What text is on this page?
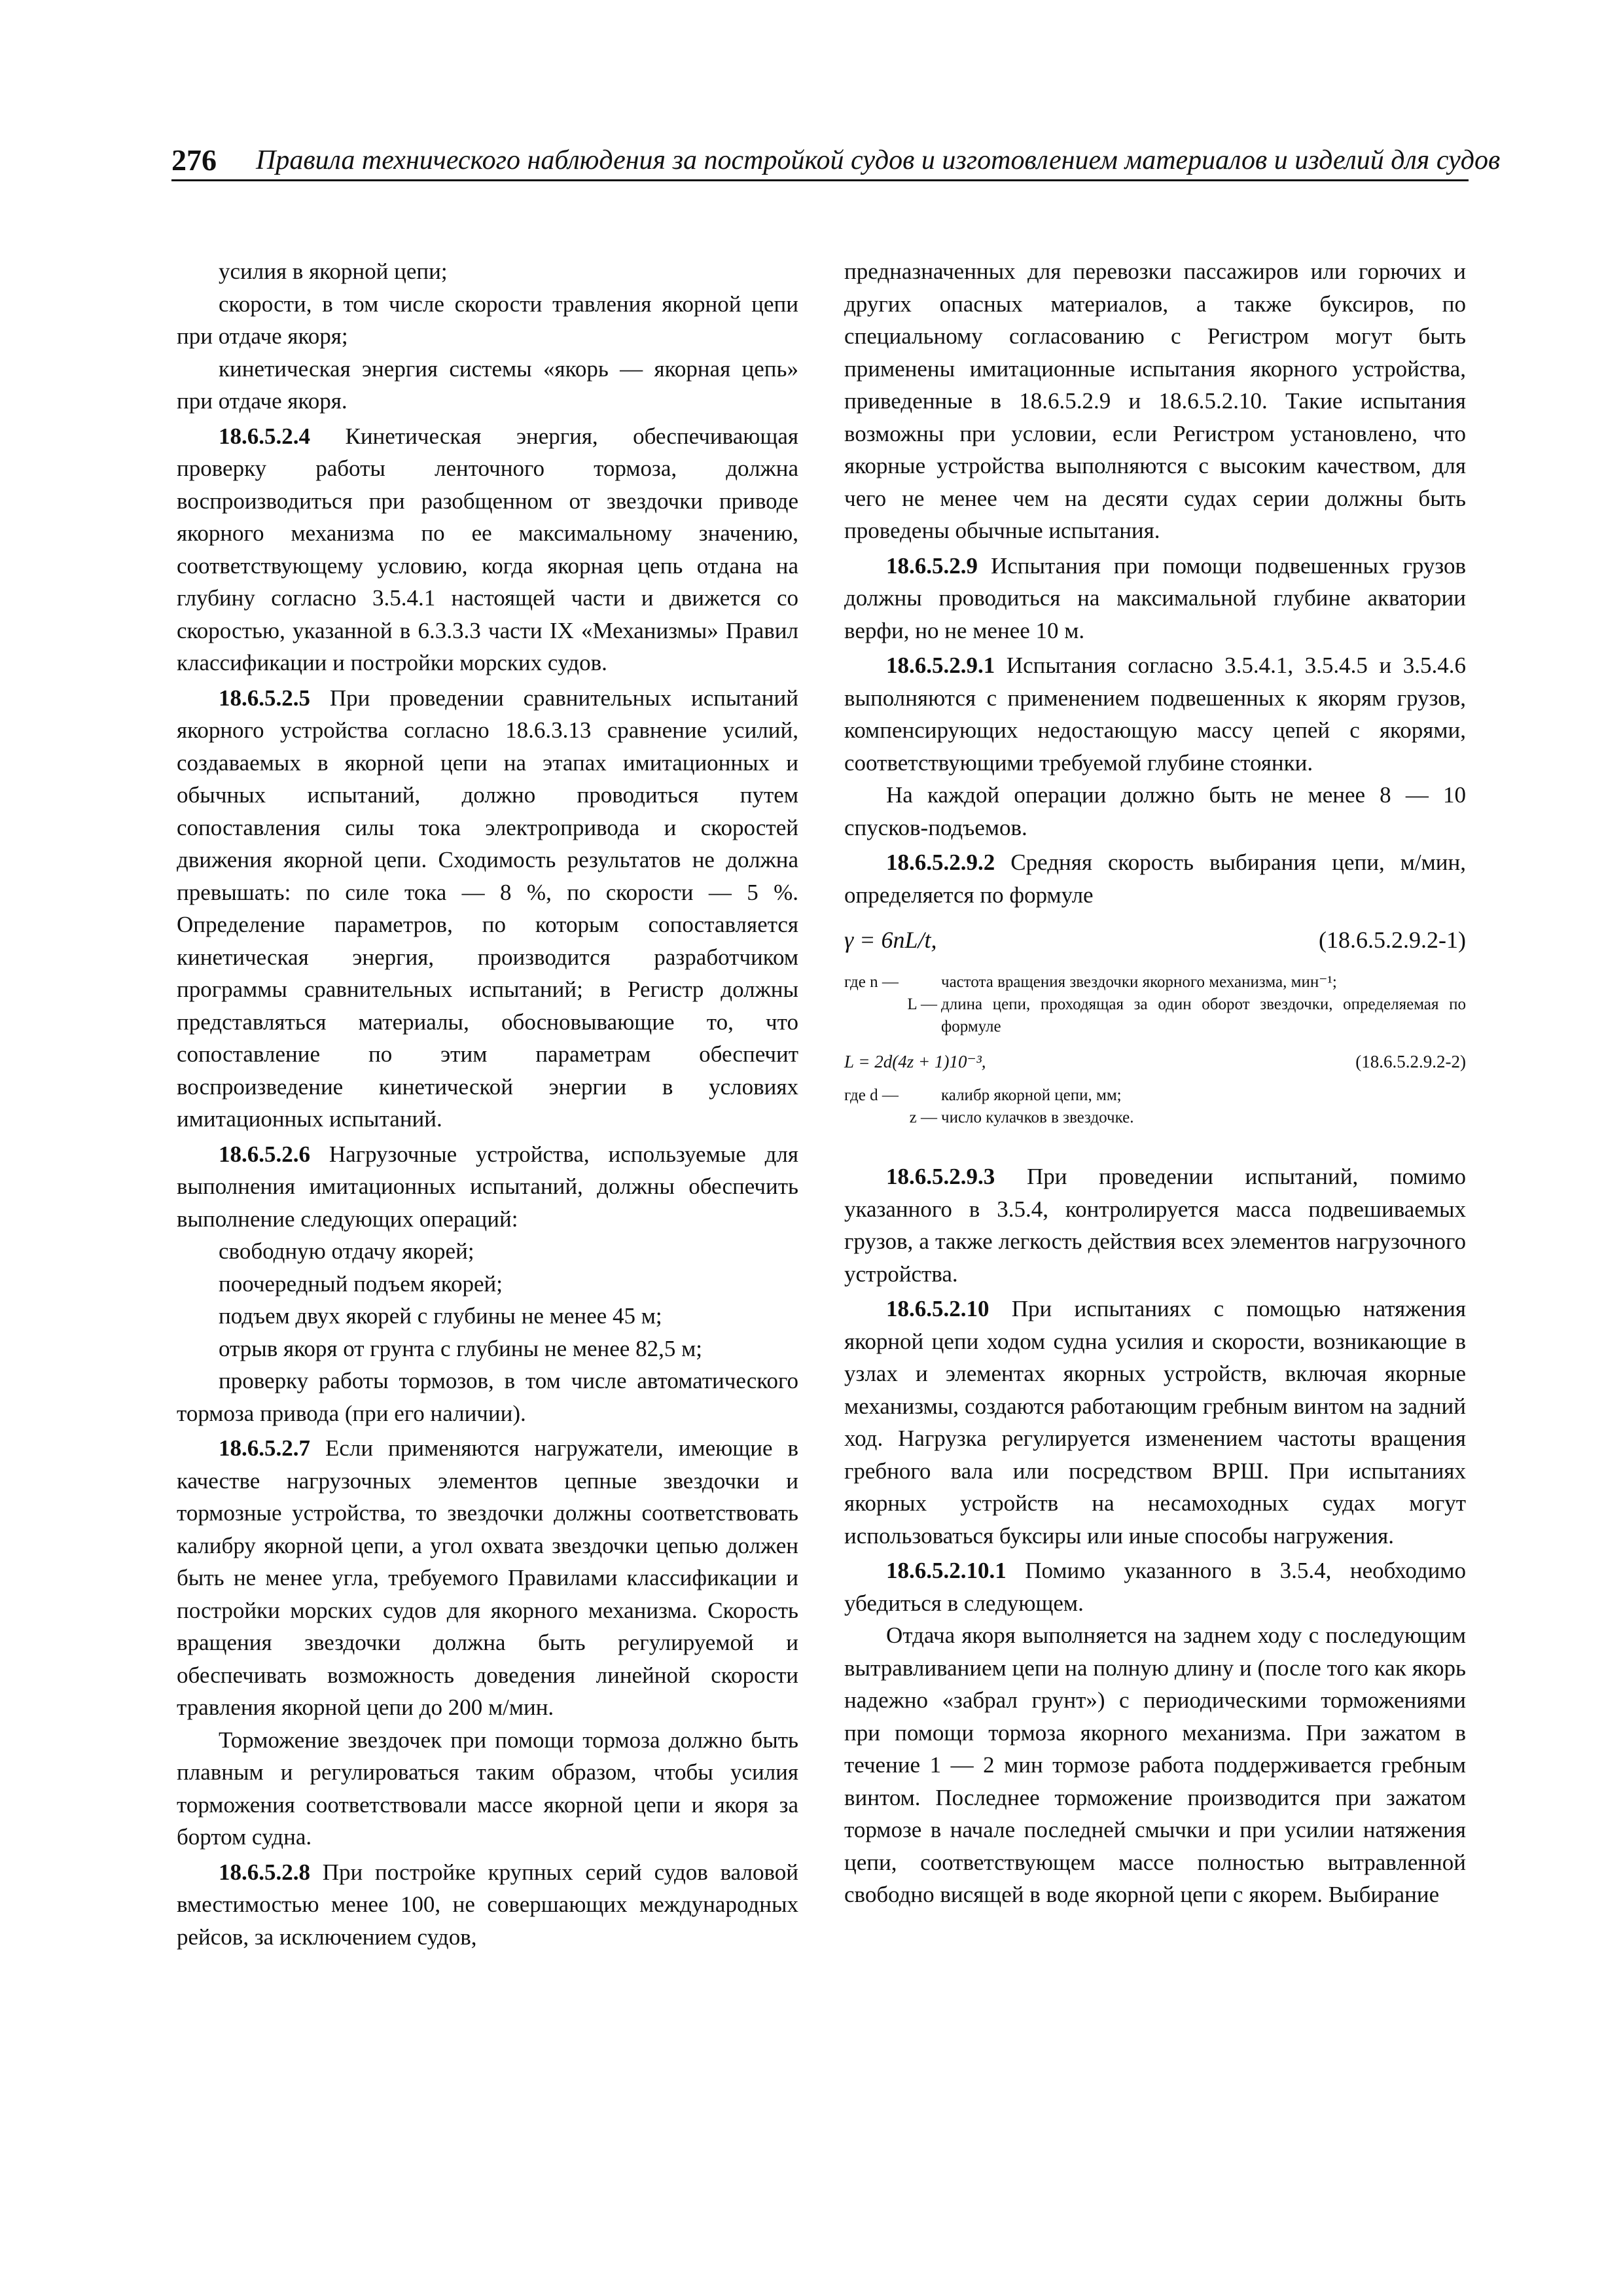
276 Правила технического наблюдения за постройкой судов и изготовлением материалов и изделий для судов

усилия в якорной цепи;

скорости, в том числе скорости травления якорной цепи при отдаче якоря;

кинетическая энергия системы «якорь — якорная цепь» при отдаче якоря.

18.6.5.2.4 Кинетическая энергия, обеспечивающая проверку работы ленточного тормоза, должна воспроизводиться при разобщенном от звездочки приводе якорного механизма по ее максимальному значению, соответствующему условию, когда якорная цепь отдана на глубину согласно 3.5.4.1 настоящей части и движется со скоростью, указанной в 6.3.3.3 части IX «Механизмы» Правил классификации и постройки морских судов.

18.6.5.2.5 При проведении сравнительных испытаний якорного устройства согласно 18.6.3.13 сравнение усилий, создаваемых в якорной цепи на этапах имитационных и обычных испытаний, должно проводиться путем сопоставления силы тока электропривода и скоростей движения якорной цепи. Сходимость результатов не должна превышать: по силе тока — 8 %, по скорости — 5 %. Определение параметров, по которым сопоставляется кинетическая энергия, производится разработчиком программы сравнительных испытаний; в Регистр должны представляться материалы, обосновывающие то, что сопоставление по этим параметрам обеспечит воспроизведение кинетической энергии в условиях имитационных испытаний.

18.6.5.2.6 Нагрузочные устройства, используемые для выполнения имитационных испытаний, должны обеспечить выполнение следующих операций:

свободную отдачу якорей;

поочередный подъем якорей;

подъем двух якорей с глубины не менее 45 м;

отрыв якоря от грунта с глубины не менее 82,5 м;

проверку работы тормозов, в том числе автоматического тормоза привода (при его наличии).

18.6.5.2.7 Если применяются нагружатели, имеющие в качестве нагрузочных элементов цепные звездочки и тормозные устройства, то звездочки должны соответствовать калибру якорной цепи, а угол охвата звездочки цепью должен быть не менее угла, требуемого Правилами классификации и постройки морских судов для якорного механизма. Скорость вращения звездочки должна быть регулируемой и обеспечивать возможность доведения линейной скорости травления якорной цепи до 200 м/мин.

Торможение звездочек при помощи тормоза должно быть плавным и регулироваться таким образом, чтобы усилия торможения соответствовали массе якорной цепи и якоря за бортом судна.

18.6.5.2.8 При постройке крупных серий судов валовой вместимостью менее 100, не совершающих международных рейсов, за исключением судов,

предназначенных для перевозки пассажиров или горючих и других опасных материалов, а также буксиров, по специальному согласованию с Регистром могут быть применены имитационные испытания якорного устройства, приведенные в 18.6.5.2.9 и 18.6.5.2.10. Такие испытания возможны при условии, если Регистром установлено, что якорные устройства выполняются с высоким качеством, для чего не менее чем на десяти судах серии должны быть проведены обычные испытания.

18.6.5.2.9 Испытания при помощи подвешенных грузов должны проводиться на максимальной глубине акватории верфи, но не менее 10 м.

18.6.5.2.9.1 Испытания согласно 3.5.4.1, 3.5.4.5 и 3.5.4.6 выполняются с применением подвешенных к якорям грузов, компенсирующих недостающую массу цепей с якорями, соответствующими требуемой глубине стоянки.

На каждой операции должно быть не менее 8 — 10 спусков-подъемов.

18.6.5.2.9.2 Средняя скорость выбирания цепи, м/мин, определяется по формуле

γ = 6nL/t,	(18.6.5.2.9.2-1)
где n —	частота вращения звездочки якорного механизма, мин⁻¹;
L — длина цепи, проходящая за один оборот звездочки, определяемая по формуле
L = 2d(4z + 1)10⁻³,	(18.6.5.2.9.2-2)
где d —	калибр якорной цепи, мм;
z — число кулачков в звездочке.

18.6.5.2.9.3 При проведении испытаний, помимо указанного в 3.5.4, контролируется масса подвешиваемых грузов, а также легкость действия всех элементов нагрузочного устройства.

18.6.5.2.10 При испытаниях с помощью натяжения якорной цепи ходом судна усилия и скорости, возникающие в узлах и элементах якорных устройств, включая якорные механизмы, создаются работающим гребным винтом на задний ход. Нагрузка регулируется изменением частоты вращения гребного вала или посредством ВРШ. При испытаниях якорных устройств на несамоходных судах могут использоваться буксиры или иные способы нагружения.

18.6.5.2.10.1 Помимо указанного в 3.5.4, необходимо убедиться в следующем.

Отдача якоря выполняется на заднем ходу с последующим вытравливанием цепи на полную длину и (после того как якорь надежно «забрал грунт») с периодическими торможениями при помощи тормоза якорного механизма. При зажатом в течение 1 — 2 мин тормозе работа поддерживается гребным винтом. Последнее торможение производится при зажатом тормозе в начале последней смычки и при усилии натяжения цепи, соответствующем массе полностью вытравленной свободно висящей в воде якорной цепи с якорем. Выбирание
